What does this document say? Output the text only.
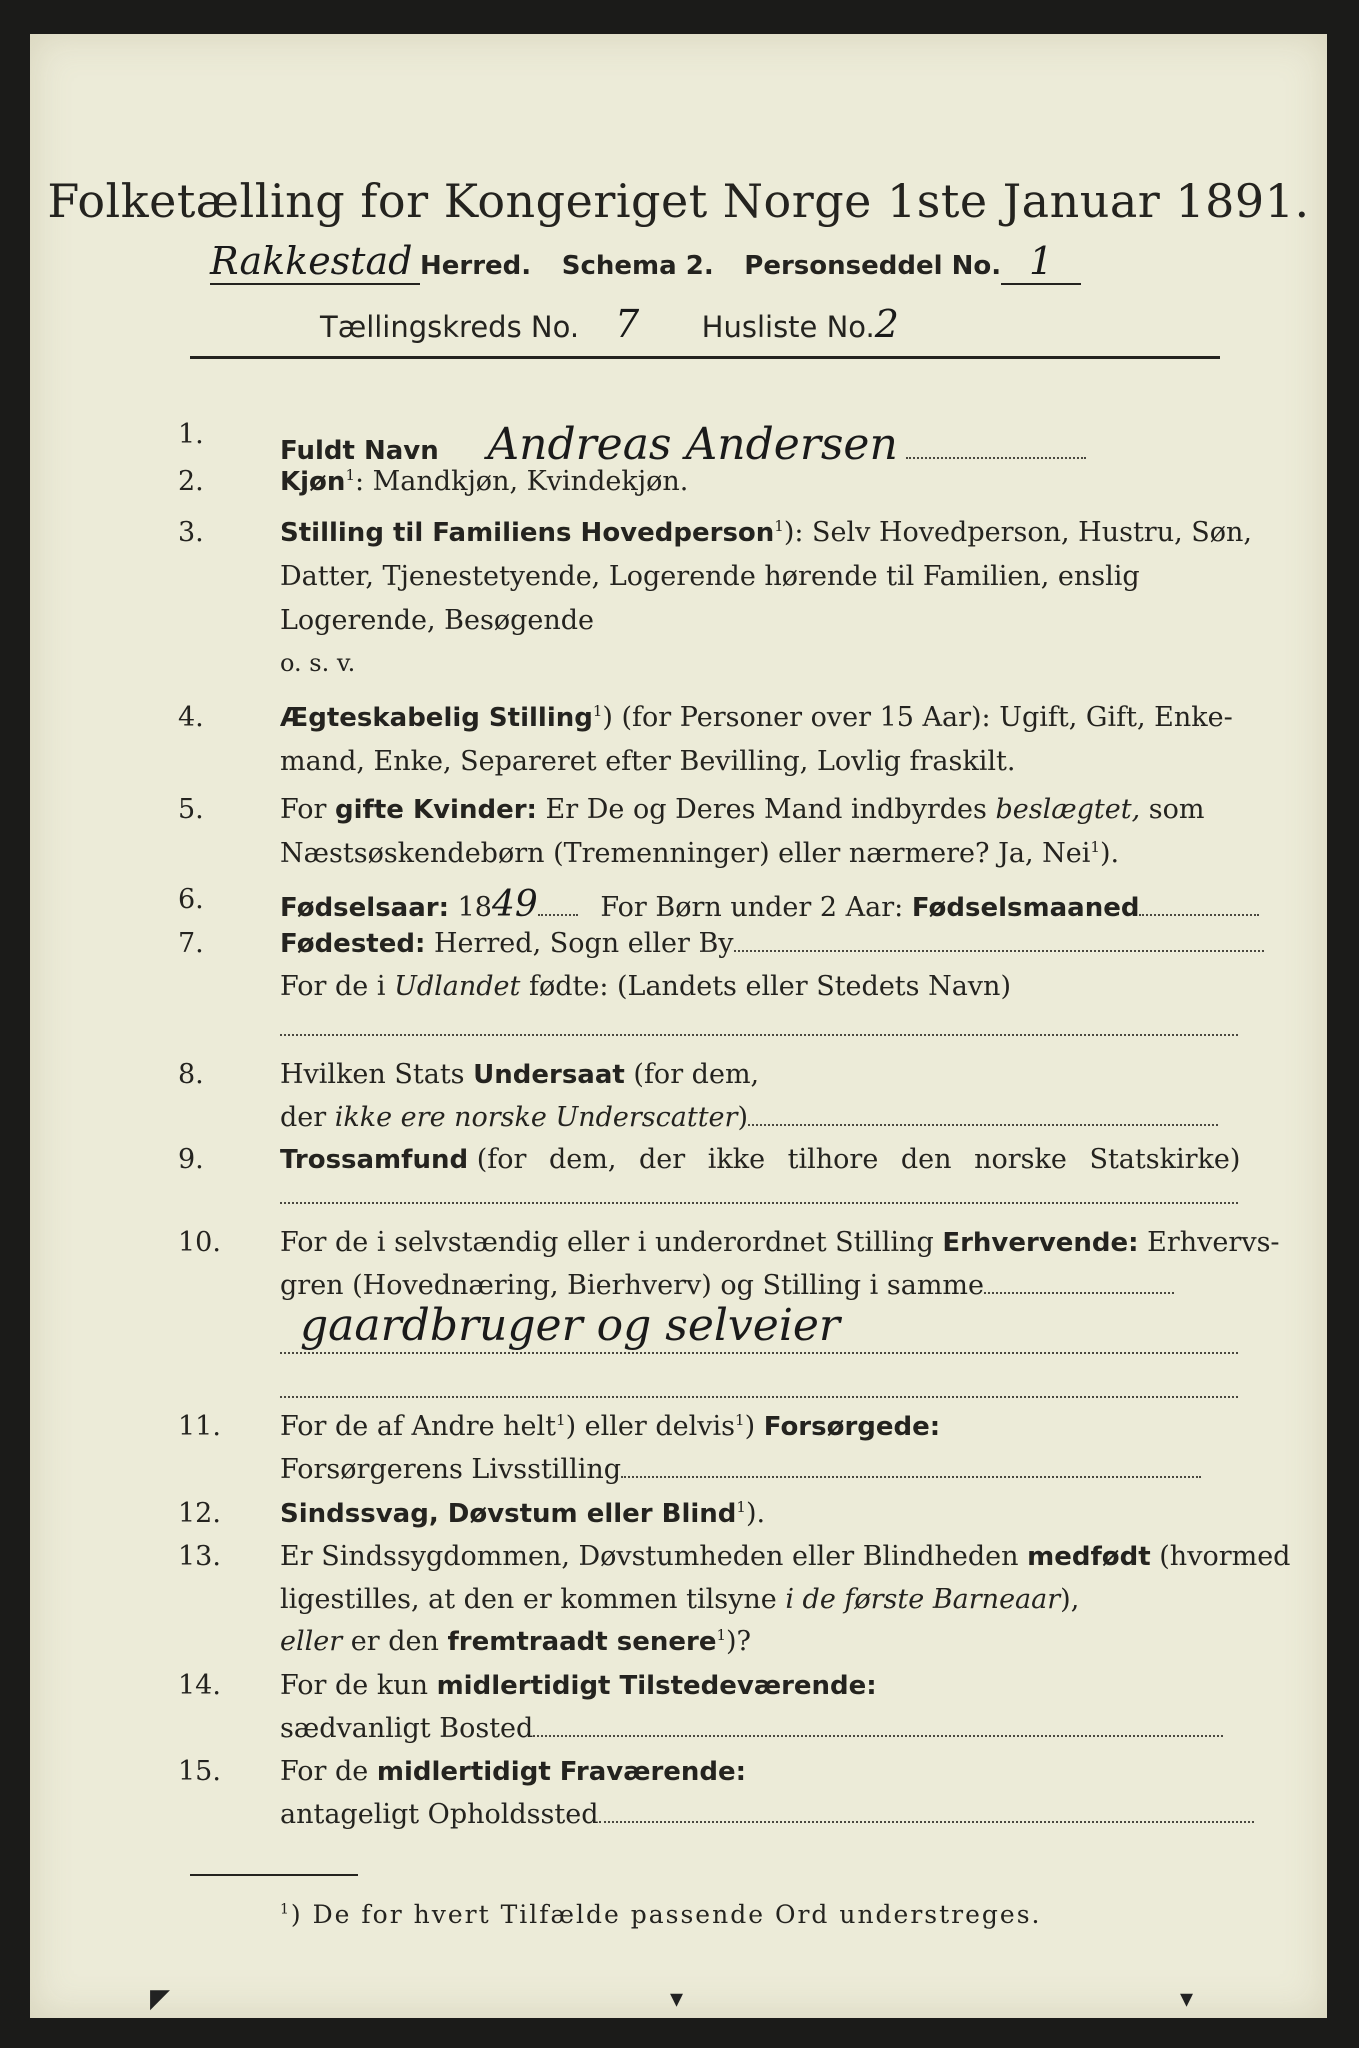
Folketælling for Kongeriget Norge 1ste Januar 1891.
Rakkestad Herred. Schema 2. Personseddel No. 1
Tællingskreds No. 7 Husliste No.2
1.
Fuldt Navn Andreas Andersen
2.	Kjøn$^1$: Mandkjøn, Kvindekjøn.
3.	Stilling til Familiens Hovedperson$^1$): Selv Hovedperson, Hustru, Søn,
Datter, Tjenestetyende, Logerende hørende til Familien, enslig
Logerende, Besøgende
o. s. v.
4.	Ægteskabelig Stilling$^1$) (for Personer over 15 Aar): Ugift, Gift, Enke-
mand, Enke, Separeret efter Bevilling, Lovlig fraskilt.
5.	For gifte Kvinder: Er De og Deres Mand indbyrdes beslægtet, som
Næstsøskendebørn (Tremenninger) eller nærmere? Ja, Nei$^1$).
6.	Fødselsaar: 1849 For Børn under 2 Aar: Fødselsmaaned
7.	Fødested: Herred, Sogn eller By
For de i Udlandet fødte: (Landets eller Stedets Navn)
8.	Hvilken Stats Undersaat (for dem,
der ikke ere norske Underscatter)
9.	Trossamfund (for dem, der ikke tilhore den norske Statskirke)
10. For de i selvstændig eller i underordnet Stilling Erhvervende: Erhvervs-
gren (Hovednæring, Bierhverv) og Stilling i samme
gaardbruger og selveier
11. For de af Andre helt$^1$) eller delvis$^1$) Forsørgede:
Forsørgerens Livsstilling
12. Sindssvag, Døvstum eller Blind$^1$).
13. Er Sindssygdommen, Døvstumheden eller Blindheden medfødt (hvormed
ligestilles, at den er kommen tilsyne i de første Barneaar),
eller er den fremtraadt senere$^1$)?
14. For de kun midlertidigt Tilstedeværende:
sædvanligt Bosted
15. For de midlertidigt Fraværende:
antageligt Opholdssted
$^1$) De for hvert Tilfælde passende Ord understreges.
◤	▾	▾
